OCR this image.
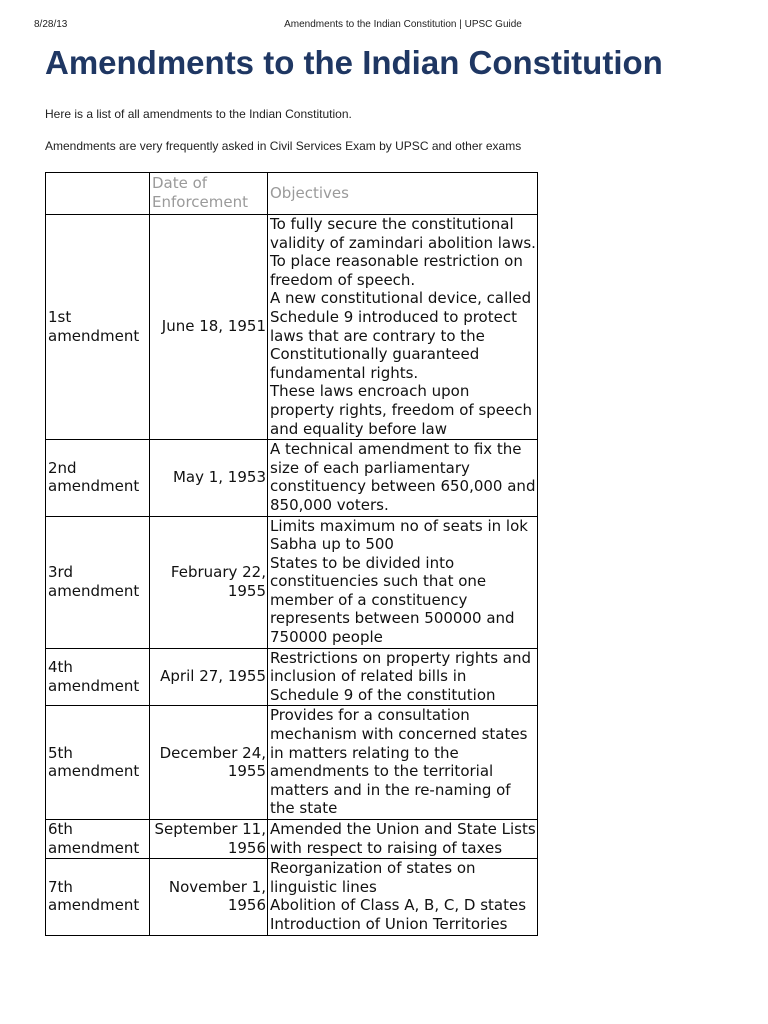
8/28/13	Amendments to the Indian Constitution | UPSC Guide
Amendments to the Indian Constitution

Here is a list of all amendments to the Indian Constitution.

Amendments are very frequently asked in Civil Services Exam by UPSC and other exams

	Date of Enforcement	Objectives
1st amendment	June 18, 1951	To fully secure the constitutional validity of zamindari abolition laws.
To place reasonable restriction on freedom of speech.
A new constitutional device, called Schedule 9 introduced to protect laws that are contrary to the Constitutionally guaranteed fundamental rights.
These laws encroach upon property rights, freedom of speech and equality before law

2nd amendment	May 1, 1953	A technical amendment to fix the size of each parliamentary constituency between 650,000 and 850,000 voters.

3rd amendment	February 22, 1955	Limits maximum no of seats in lok Sabha up to 500
States to be divided into constituencies such that one member of a constituency represents between 500000 and 750000 people

4th amendment	April 27, 1955	Restrictions on property rights and inclusion of related bills in Schedule 9 of the constitution

5th amendment	December 24, 1955	Provides for a consultation mechanism with concerned states in matters relating to the amendments to the territorial matters and in the re-naming of the state

6th amendment	September 11, 1956	Amended the Union and State Lists with respect to raising of taxes

7th amendment	November 1, 1956	Reorganization of states on linguistic lines
Abolition of Class A, B, C, D states
Introduction of Union Territories
